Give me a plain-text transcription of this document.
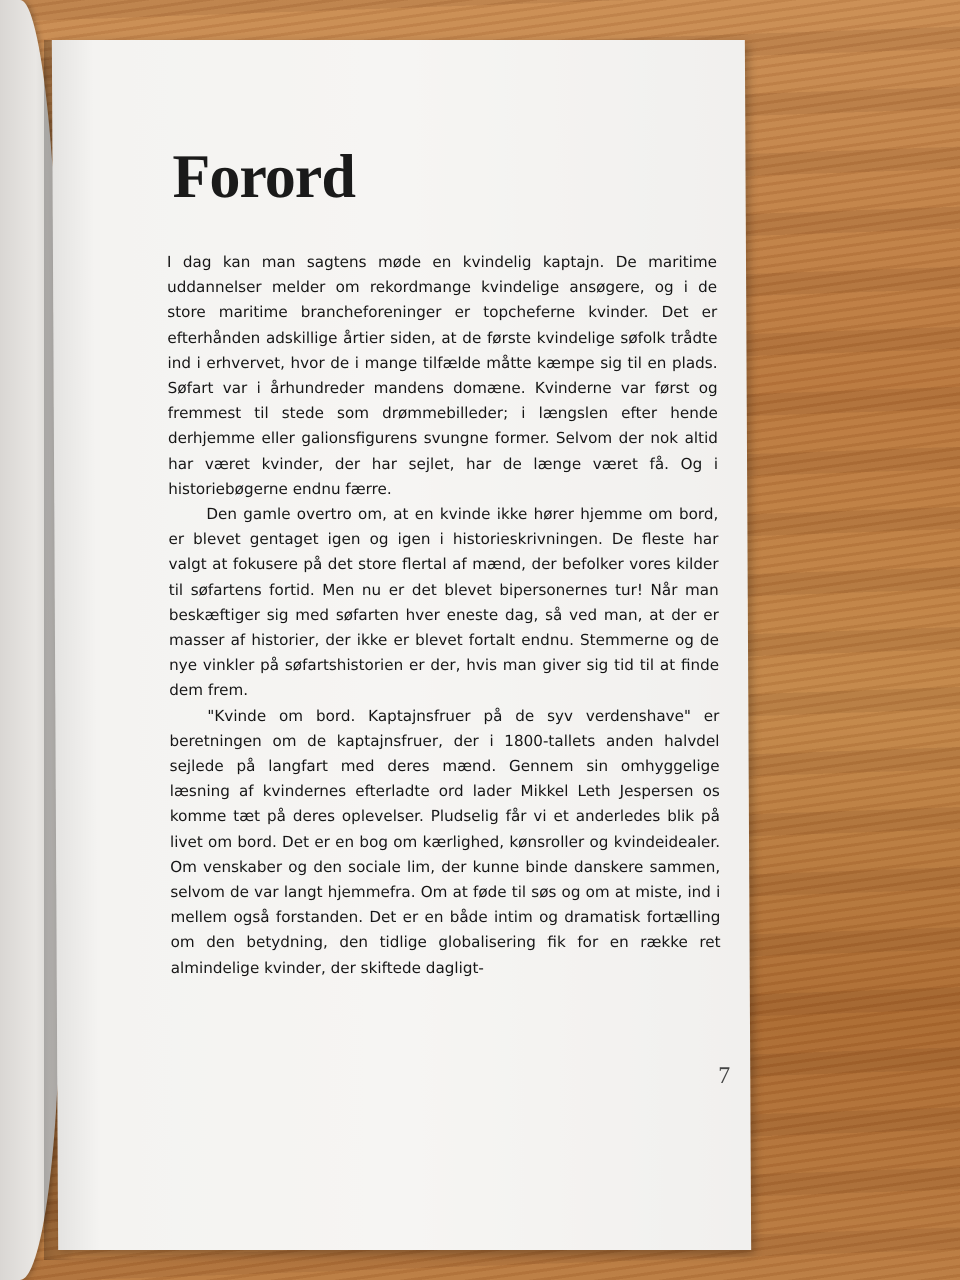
Forord

I dag kan man sagtens møde en kvindelig kaptajn. De maritime uddannelser melder om rekordmange kvindelige ansøgere, og i de store maritime brancheforeninger er topcheferne kvinder. Det er efterhånden adskillige årtier siden, at de første kvindelige søfolk trådte ind i erhvervet, hvor de i mange tilfælde måtte kæmpe sig til en plads. Søfart var i århundreder mandens domæne. Kvinderne var først og fremmest til stede som drømmebilleder; i længslen efter hende derhjemme eller galionsfigurens svungne former. Selvom der nok altid har været kvinder, der har sejlet, har de længe været få. Og i historiebøgerne endnu færre.

Den gamle overtro om, at en kvinde ikke hører hjemme om bord, er blevet gentaget igen og igen i historieskrivningen. De fleste har valgt at fokusere på det store flertal af mænd, der befolker vores kilder til søfartens fortid. Men nu er det blevet bipersonernes tur! Når man beskæftiger sig med søfarten hver eneste dag, så ved man, at der er masser af historier, der ikke er blevet fortalt endnu. Stemmerne og de nye vinkler på søfartshistorien er der, hvis man giver sig tid til at finde dem frem.

"Kvinde om bord. Kaptajnsfruer på de syv verdenshave" er beretningen om de kaptajnsfruer, der i 1800-tallets anden halvdel sejlede på langfart med deres mænd. Gennem sin omhyggelige læsning af kvindernes efterladte ord lader Mikkel Leth Jespersen os komme tæt på deres oplevelser. Pludselig får vi et anderledes blik på livet om bord. Det er en bog om kærlighed, kønsroller og kvindeidealer. Om venskaber og den sociale lim, der kunne binde danskere sammen, selvom de var langt hjemmefra. Om at føde til søs og om at miste, ind i mellem også forstanden. Det er en både intim og dramatisk fortælling om den betydning, den tidlige globalisering fik for en række ret almindelige kvinder, der skiftede dagligt-

7
